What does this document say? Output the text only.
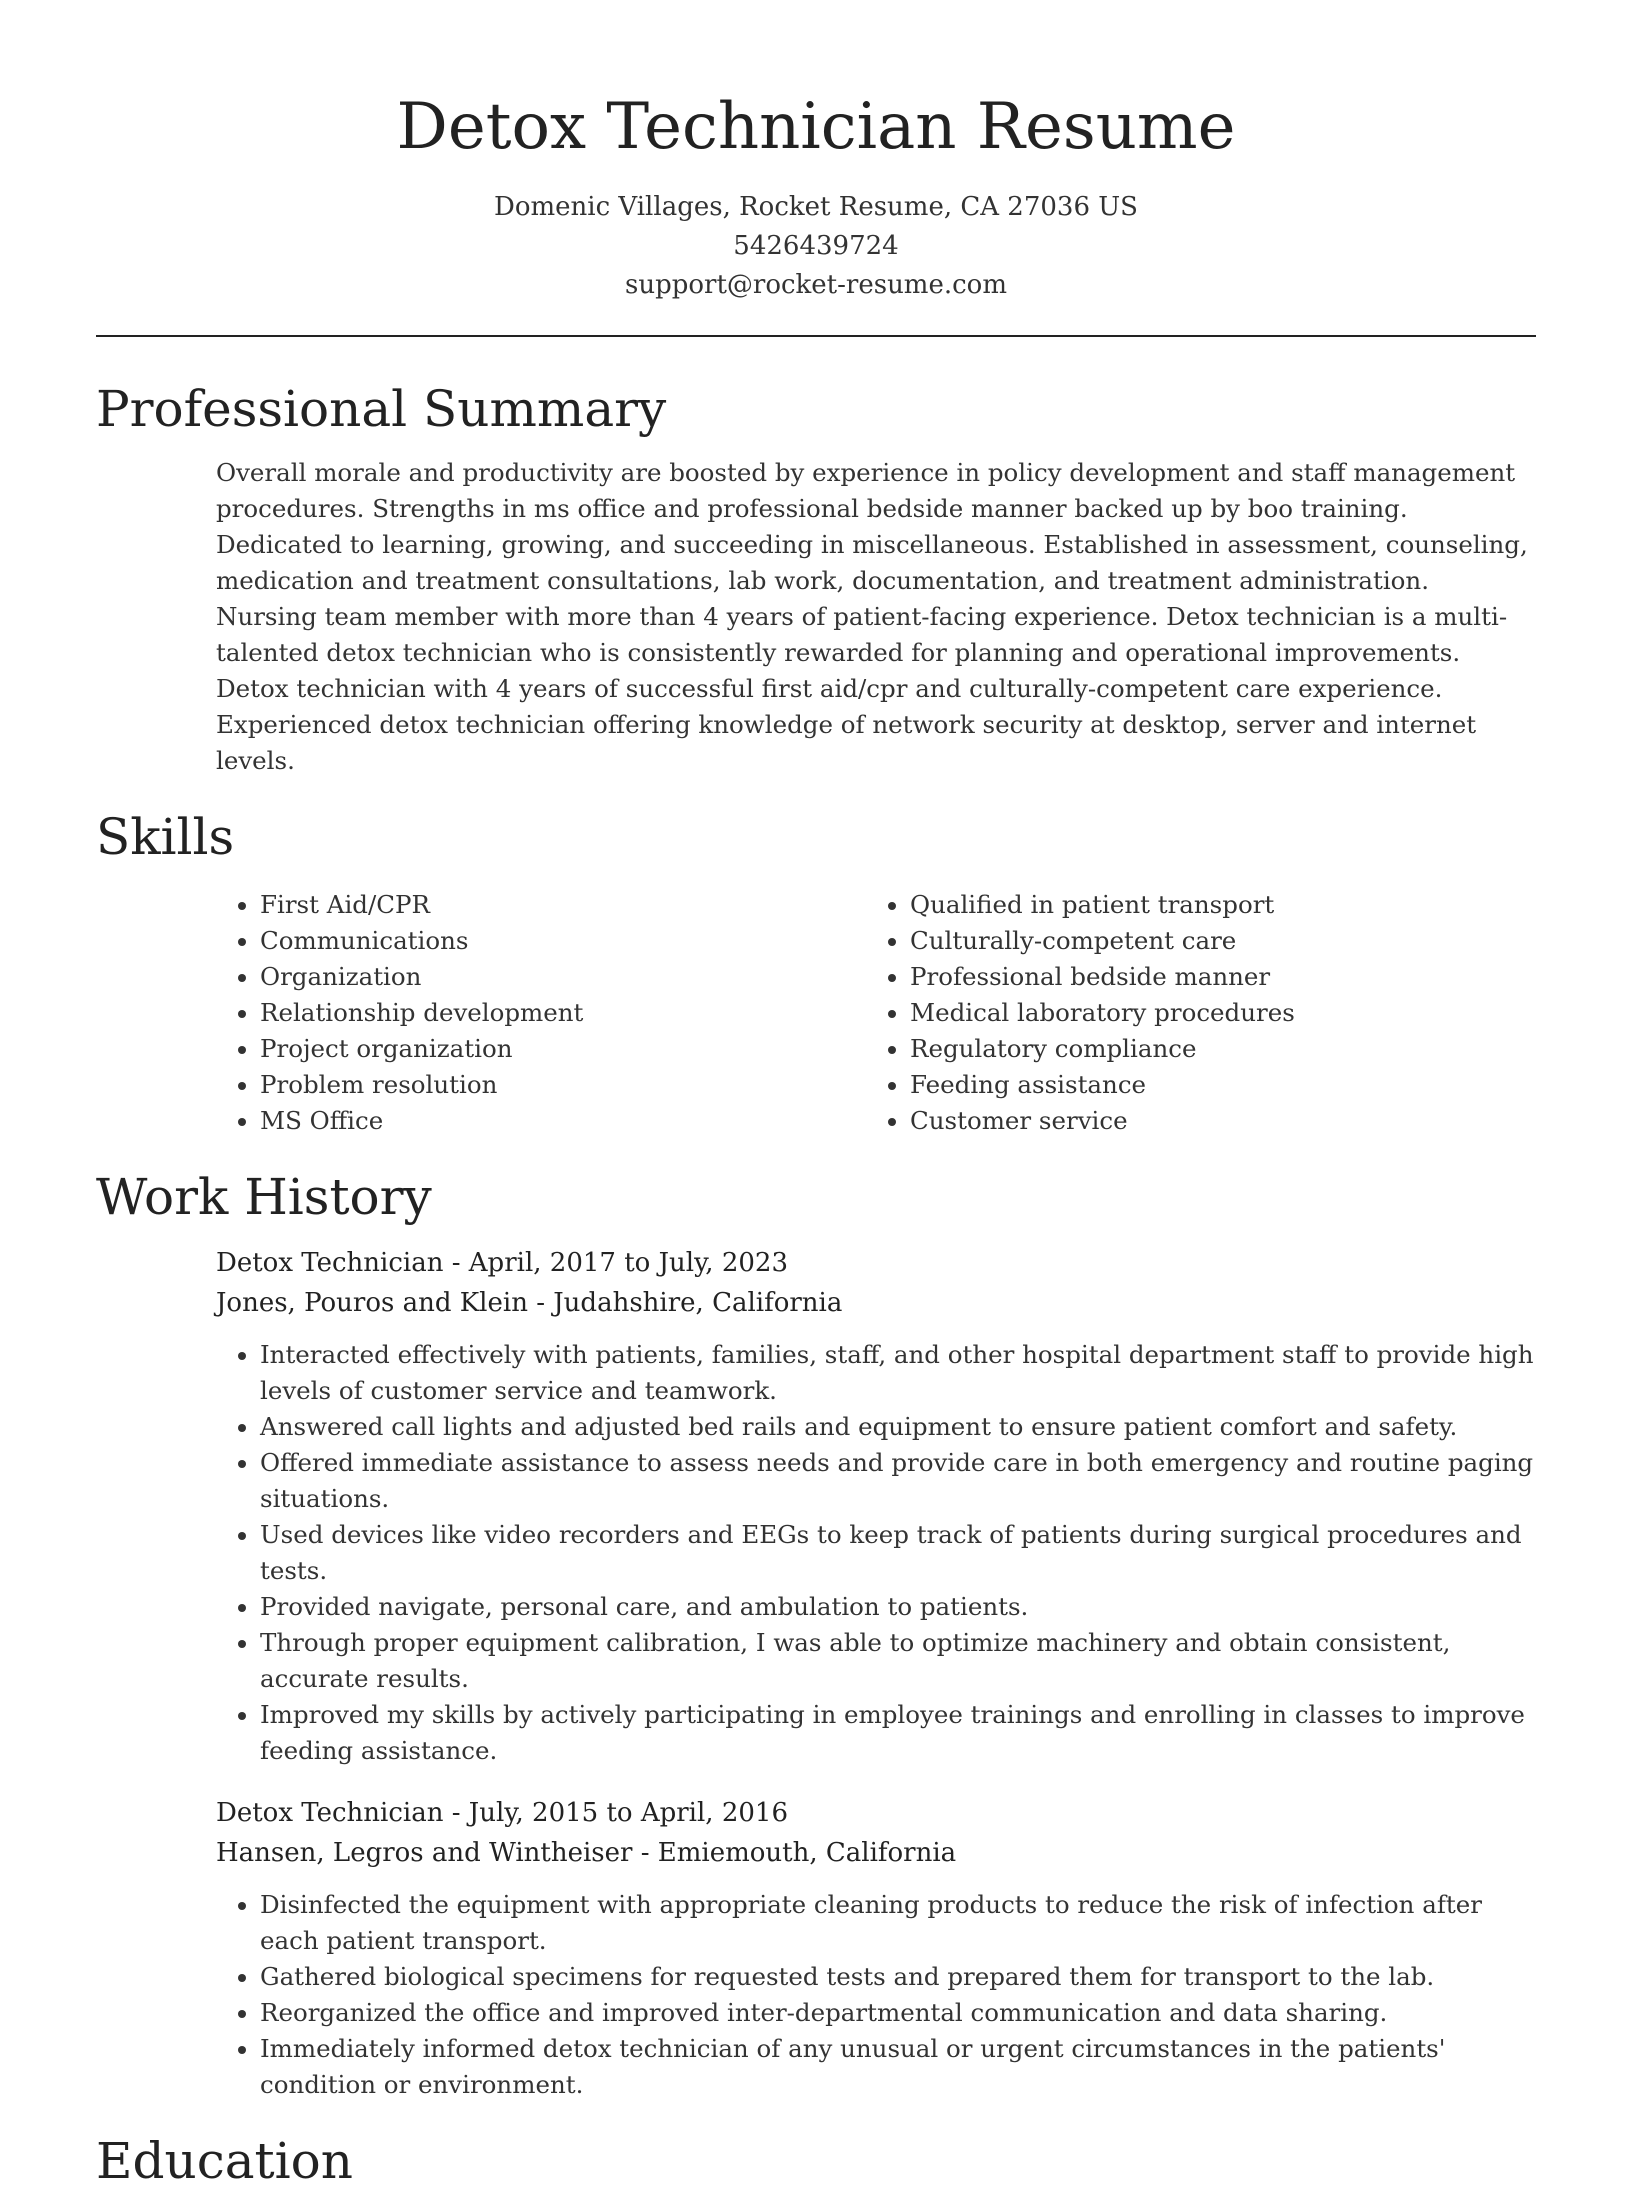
Detox Technician Resume
Domenic Villages, Rocket Resume, CA 27036 US
5426439724
support@rocket-resume.com
Professional Summary

Overall morale and productivity are boosted by experience in policy development and staff management procedures. Strengths in ms office and professional bedside manner backed up by boo training. Dedicated to learning, growing, and succeeding in miscellaneous. Established in assessment, counseling, medication and treatment consultations, lab work, documentation, and treatment administration. Nursing team member with more than 4 years of patient-facing experience. Detox technician is a multi-talented detox technician who is consistently rewarded for planning and operational improvements. Detox technician with 4 years of successful first aid/cpr and culturally-competent care experience. Experienced detox technician offering knowledge of network security at desktop, server and internet levels.

Skills
• First Aid/CPR
• Communications
• Organization
• Relationship development
• Project organization
• Problem resolution
• MS Office
• Qualified in patient transport
• Culturally-competent care
• Professional bedside manner
• Medical laboratory procedures
• Regulatory compliance
• Feeding assistance
• Customer service
Work History
Detox Technician - April, 2017 to July, 2023
Jones, Pouros and Klein - Judahshire, California
• Interacted effectively with patients, families, staff, and other hospital department staff to provide high levels of customer service and teamwork.
• Answered call lights and adjusted bed rails and equipment to ensure patient comfort and safety.
• Offered immediate assistance to assess needs and provide care in both emergency and routine paging situations.
• Used devices like video recorders and EEGs to keep track of patients during surgical procedures and tests.
• Provided navigate, personal care, and ambulation to patients.
• Through proper equipment calibration, I was able to optimize machinery and obtain consistent, accurate results.
• Improved my skills by actively participating in employee trainings and enrolling in classes to improve feeding assistance.
Detox Technician - July, 2015 to April, 2016
Hansen, Legros and Wintheiser - Emiemouth, California
• Disinfected the equipment with appropriate cleaning products to reduce the risk of infection after each patient transport.
• Gathered biological specimens for requested tests and prepared them for transport to the lab.
• Reorganized the office and improved inter-departmental communication and data sharing.
• Immediately informed detox technician of any unusual or urgent circumstances in the patients' condition or environment.
Education
